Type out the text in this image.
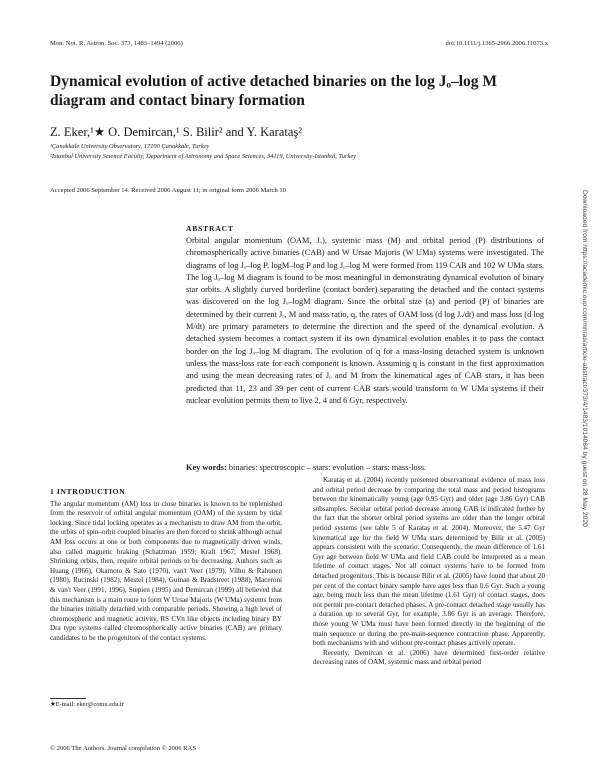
Mon. Not. R. Astron. Soc. 373, 1483–1494 (2006)	doi:10.1111/j.1365-2966.2006.11073.x
Dynamical evolution of active detached binaries on the log Jₒ–log M diagram and contact binary formation
Z. Eker,¹★ O. Demircan,¹ S. Bilir² and Y. Karataş²
¹Çanakkale University Observatory, 17100 Çanakkale, Turkey
²Istanbul University Science Faculty, Department of Astronomy and Space Sciences, 34119, University-Istanbul, Turkey
Accepted 2006 September 14. Received 2006 August 11; in original form 2006 March 10
ABSTRACT

Orbital angular momentum (OAM, Jₒ), systemic mass (M) and orbital period (P) distributions of chromospherically active binaries (CAB) and W Ursae Majoris (W UMa) systems were investigated. The diagrams of log Jₒ–log P, logM–log P and log Jₒ–log M were formed from 119 CAB and 102 W UMa stars. The log Jₒ–log M diagram is found to be most meaningful in demonstrating dynamical evolution of binary star orbits. A slightly curved borderline (contact border) separating the detached and the contact systems was discovered on the log Jₒ–logM diagram. Since the orbital size (a) and period (P) of binaries are determined by their current Jₒ, M and mass ratio, q, the rates of OAM loss (d log Jₒ/dt) and mass loss (d log M/dt) are primary parameters to determine the direction and the speed of the dynamical evolution. A detached system becomes a contact system if its own dynamical evolution enables it to pass the contact border on the log Jₒ–log M diagram. The evolution of q for a mass-losing detached system is unknown unless the mass-loss rate for each component is known. Assuming q is constant in the first approximation and using the mean decreasing rates of Jₒ and M from the kinematical ages of CAB stars, it has been predicted that 11, 23 and 39 per cent of current CAB stars would transform to W UMa systems if their nuclear evolution permits them to live 2, 4 and 6 Gyr, respectively.

Key words: binaries: spectroscopic – stars: evolution – stars: mass-loss.
1 INTRODUCTION

The angular momentum (AM) loss in close binaries is known to be replenished from the reservoir of orbital angular momentum (OAM) of the system by tidal locking. Since tidal locking operates as a mechanism to draw AM from the orbit, the orbits of spin–orbit coupled binaries are then forced to shrink although actual AM loss occurs at one or both components due to magnetically driven winds, also called magnetic braking (Schatzman 1959; Kraft 1967; Mestel 1968). Shrinking orbits, then, require orbital periods to be decreasing. Authors such as Huang (1966), Okamoto & Sato (1970), van't Veer (1979), Vilhu & Rahunen (1980), Rucinski (1982), Mestel (1984), Guinan & Bradstreet (1988), Maceroni & van't Veer (1991, 1996), Stepien (1995) and Demircan (1999) all believed that this mechanism is a main route to form W Ursae Majoris (W UMa) systems from the binaries initially detached with comparable periods. Showing a high level of chromospheric and magnetic activity, RS CVn like objects including binary BY Dra type systems called chromospherically active binaries (CAB) are primary candidates to be the progenitors of the contact systems.

Karataş et al. (2004) recently presented observational evidence of mass loss and orbital period decrease by comparing the total mass and period histograms between the kinematically young (age 0.95 Gyr) and older (age 3.86 Gyr) CAB subsamples. Secular orbital period decrease among CAB is indicated further by the fact that the shorter orbital period systems are older than the longer orbital period systems (see table 5 of Karataş et al. 2004). Moreover, the 5.47 Gyr kinematical age for the field W UMa stars determined by Bilir et al. (2005) appears consistent with the scenario. Consequently, the mean difference of 1.61 Gyr age between field W UMa and field CAB could be interpreted as a mean lifetime of contact stages. Not all contact systems have to be formed from detached progenitors. This is because Bilir et al. (2005) have found that about 20 per cent of the contact binary sample have ages less than 0.6 Gyr. Such a young age, being much less than the mean lifetime (1.61 Gyr) of contact stages, does not permit pre-contact detached phases. A pre-contact detached stage usually has a duration up to several Gyr, for example, 3.86 Gyr is an average. Therefore, those young W UMa must have been formed directly in the beginning of the main sequence or during the pre-main-sequence contraction phase. Apparently, both mechanisms with and without pre-contact phases actively operate.

Recently, Demircan et al. (2006) have determined first-order relative decreasing rates of OAM, systemic mass and orbital period

★E-mail: eker@comu.edu.tr
© 2006 The Authors. Journal compilation © 2006 RAS
Downloaded from https://academic.oup.com/mnras/article-abstract/373/4/1483/1014064 by guest on 28 May 2020
